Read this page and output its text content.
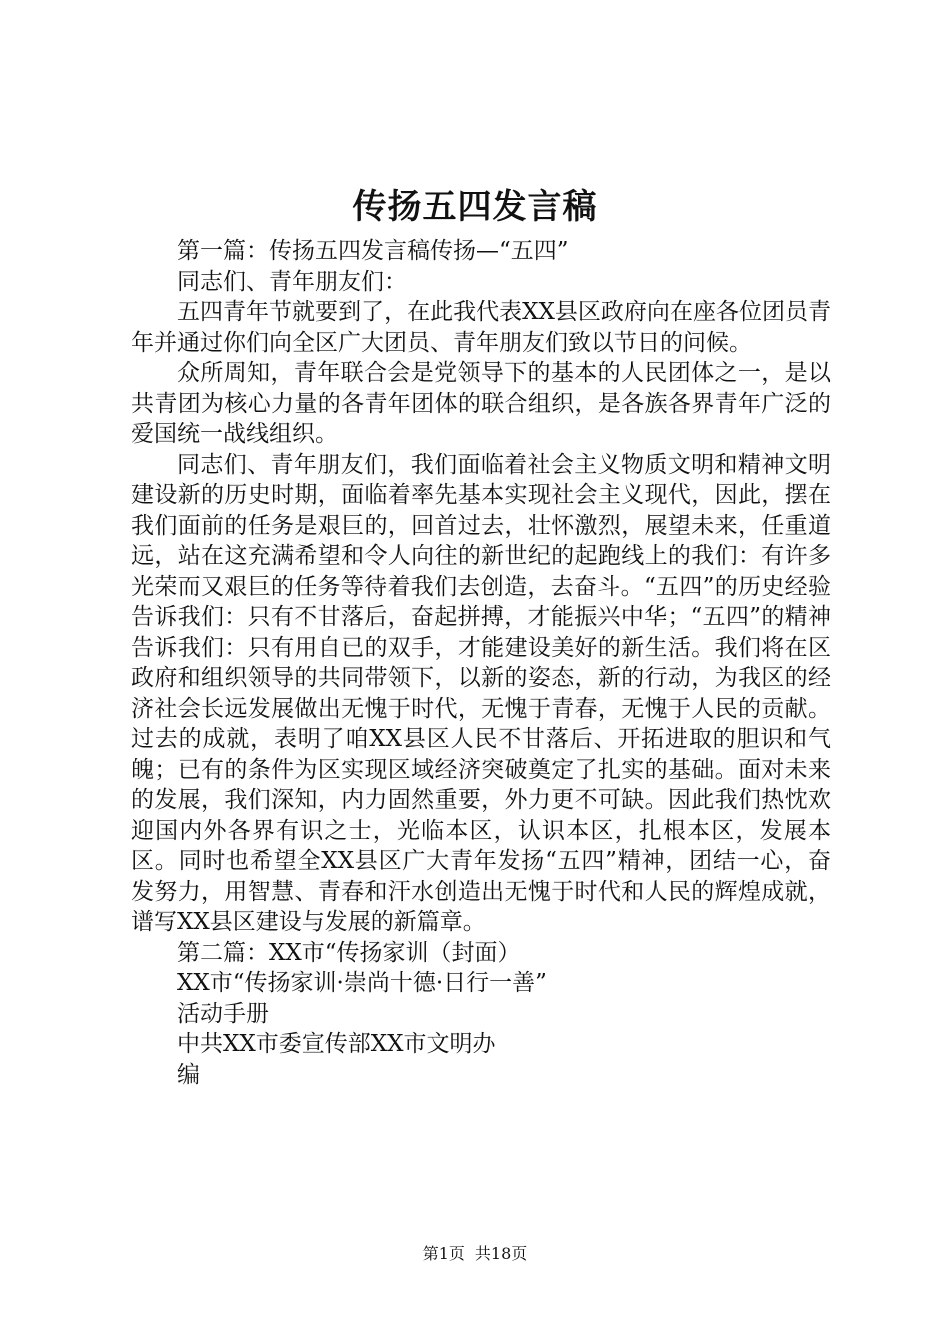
传扬五四发言稿

第一篇：传扬五四发言稿传扬—“五四”

同志们、青年朋友们：

五四青年节就要到了，在此我代表XX县区政府向在座各位团员青年并通过你们向全区广大团员、青年朋友们致以节日的问候。

众所周知，青年联合会是党领导下的基本的人民团体之一，是以共青团为核心力量的各青年团体的联合组织，是各族各界青年广泛的爱国统一战线组织。

同志们、青年朋友们，我们面临着社会主义物质文明和精神文明建设新的历史时期，面临着率先基本实现社会主义现代，因此，摆在我们面前的任务是艰巨的，回首过去，壮怀激烈，展望未来，任重道远，站在这充满希望和令人向往的新世纪的起跑线上的我们：有许多光荣而又艰巨的任务等待着我们去创造，去奋斗。“五四”的历史经验告诉我们：只有不甘落后，奋起拼搏，才能振兴中华；“五四”的精神告诉我们：只有用自已的双手，才能建设美好的新生活。我们将在区政府和组织领导的共同带领下，以新的姿态，新的行动，为我区的经济社会长远发展做出无愧于时代，无愧于青春，无愧于人民的贡献。过去的成就，表明了咱XX县区人民不甘落后、开拓进取的胆识和气魄；已有的条件为区实现区域经济突破奠定了扎实的基础。面对未来的发展，我们深知，内力固然重要，外力更不可缺。因此我们热忱欢迎国内外各界有识之士，光临本区，认识本区，扎根本区，发展本区。同时也希望全XX县区广大青年发扬“五四”精神，团结一心，奋发努力，用智慧、青春和汗水创造出无愧于时代和人民的辉煌成就，谱写XX县区建设与发展的新篇章。

第二篇：XX市“传扬家训（封面）

XX市“传扬家训·崇尚十德·日行一善”

活动手册

中共XX市委宣传部XX市文明办

编

第1页 共18页
